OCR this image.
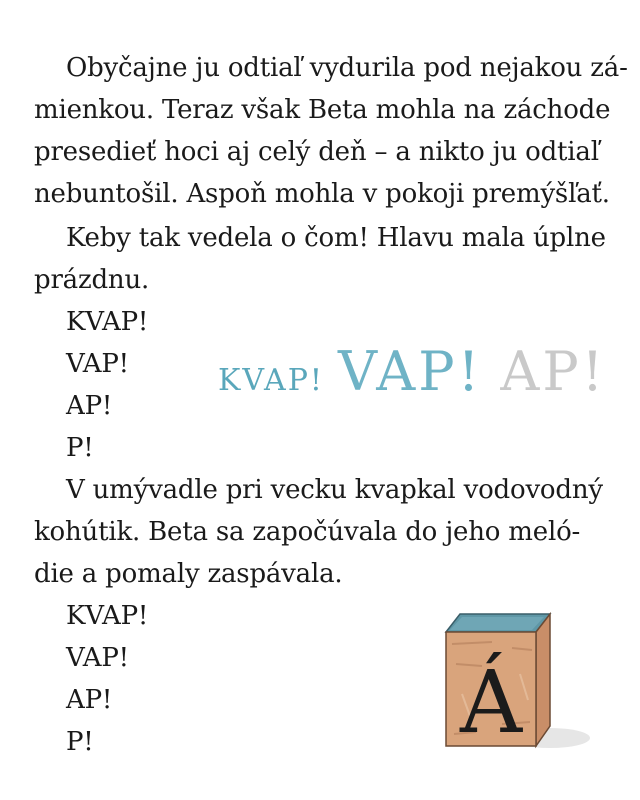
Obyčajne ju odtiaľ vydurila pod nejakou zá-
mienkou. Teraz však Beta mohla na záchode
presedieť hoci aj celý deň – a nikto ju odtiaľ
nebuntošil. Aspoň mohla v pokoji premýšľať.
Keby tak vedela o čom! Hlavu mala úplne
prázdnu.
KVAP!
VAP!
AP!
P!
V umývadle pri vecku kvapkal vodovodný
kohútik. Beta sa započúvala do jeho meló-
die a pomaly zaspávala.
KVAP!
VAP!
AP!
P!
KVAP! VAP! AP!
Á
